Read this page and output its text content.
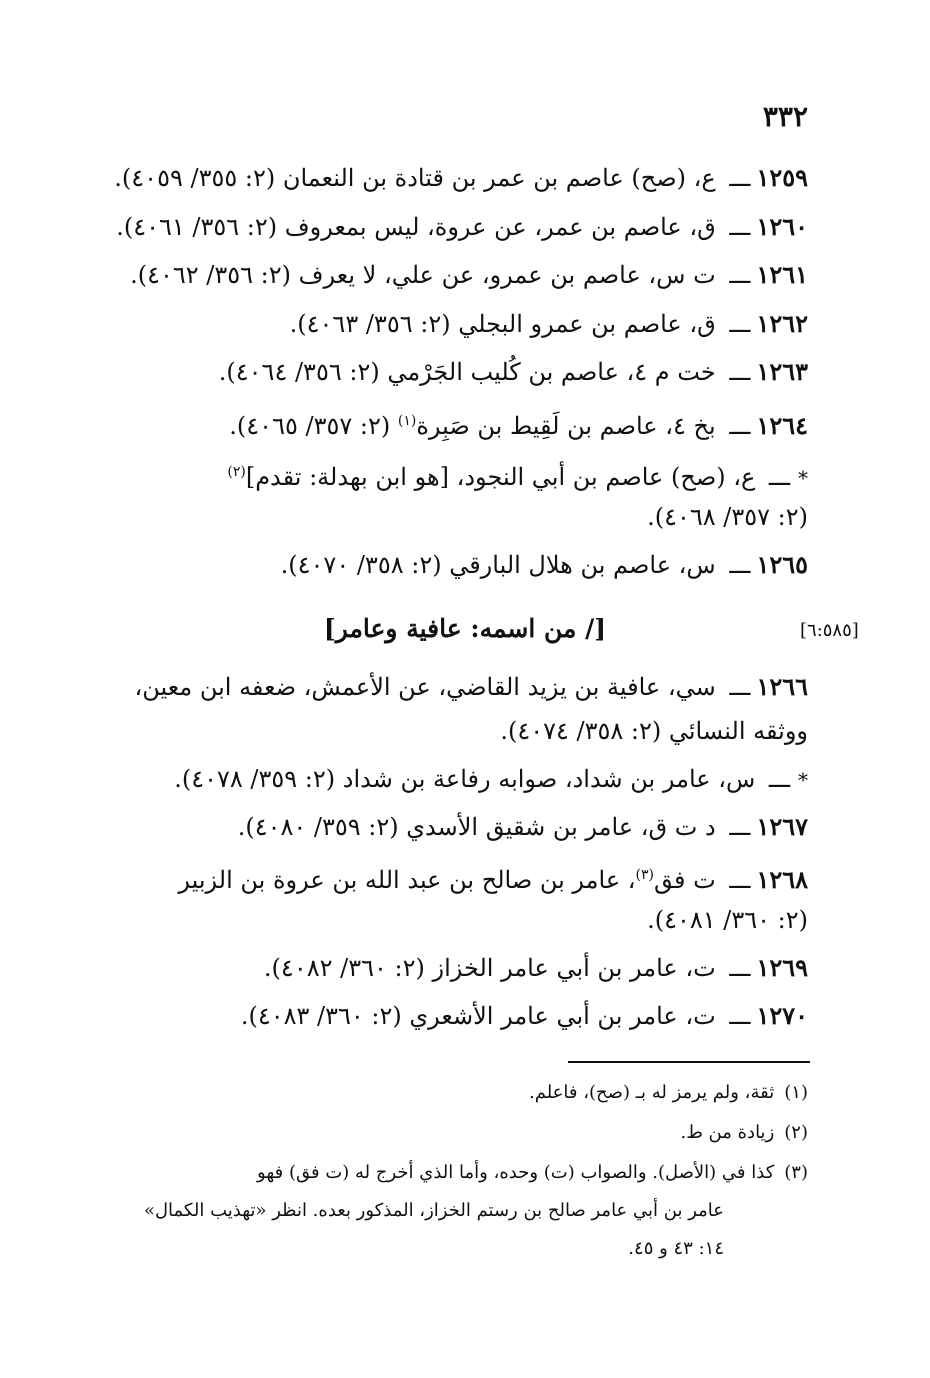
٣٣٢
١٢٥٩ـــ ع، (صح) عاصم بن عمر بن قتادة بن النعمان (٢: ٣٥٥/ ٤٠٥٩).
١٢٦٠ـــ ق، عاصم بن عمر، عن عروة، ليس بمعروف (٢: ٣٥٦/ ٤٠٦١).
١٢٦١ـــ ت س، عاصم بن عمرو، عن علي، لا يعرف (٢: ٣٥٦/ ٤٠٦٢).
١٢٦٢ـــ ق، عاصم بن عمرو البجلي (٢: ٣٥٦/ ٤٠٦٣).
١٢٦٣ـــ خت م ٤، عاصم بن كُليب الجَرْمي (٢: ٣٥٦/ ٤٠٦٤).
١٢٦٤ـــ بخ ٤، عاصم بن لَقِيط بن صَبِرة$^{(١)}$ (٢: ٣٥٧/ ٤٠٦٥).
*ـــ ع، (صح) عاصم بن أبي النجود، [هو ابن بهدلة: تقدم]$^{(٢)}$
(٢: ٣٥٧/ ٤٠٦٨).
١٢٦٥ـــ س، عاصم بن هلال البارقي (٢: ٣٥٨/ ٤٠٧٠).
[/ من اسمه: عافية وعامر]	[٦:٥٨٥]
١٢٦٦ـــ سي، عافية بن يزيد القاضي، عن الأعمش، ضعفه ابن معين،
ووثقه النسائي (٢: ٣٥٨/ ٤٠٧٤).
*ـــ س، عامر بن شداد، صوابه رفاعة بن شداد (٢: ٣٥٩/ ٤٠٧٨).
١٢٦٧ـــ د ت ق، عامر بن شقيق الأسدي (٢: ٣٥٩/ ٤٠٨٠).
١٢٦٨ـــ ت فق$^{(٣)}$، عامر بن صالح بن عبد الله بن عروة بن الزبير
(٢: ٣٦٠/ ٤٠٨١).
١٢٦٩ـــ ت، عامر بن أبي عامر الخزاز (٢: ٣٦٠/ ٤٠٨٢).
١٢٧٠ـــ ت، عامر بن أبي عامر الأشعري (٢: ٣٦٠/ ٤٠٨٣).
(١)ثقة، ولم يرمز له بـ (صح)، فاعلم.
(٢)زيادة من ط.
(٣)كذا في (الأصل). والصواب (ت) وحده، وأما الذي أخرج له (ت فق) فهو
عامر بن أبي عامر صالح بن رستم الخزاز، المذكور بعده. انظر «تهذيب الكمال»
١٤: ٤٣ و ٤٥.
